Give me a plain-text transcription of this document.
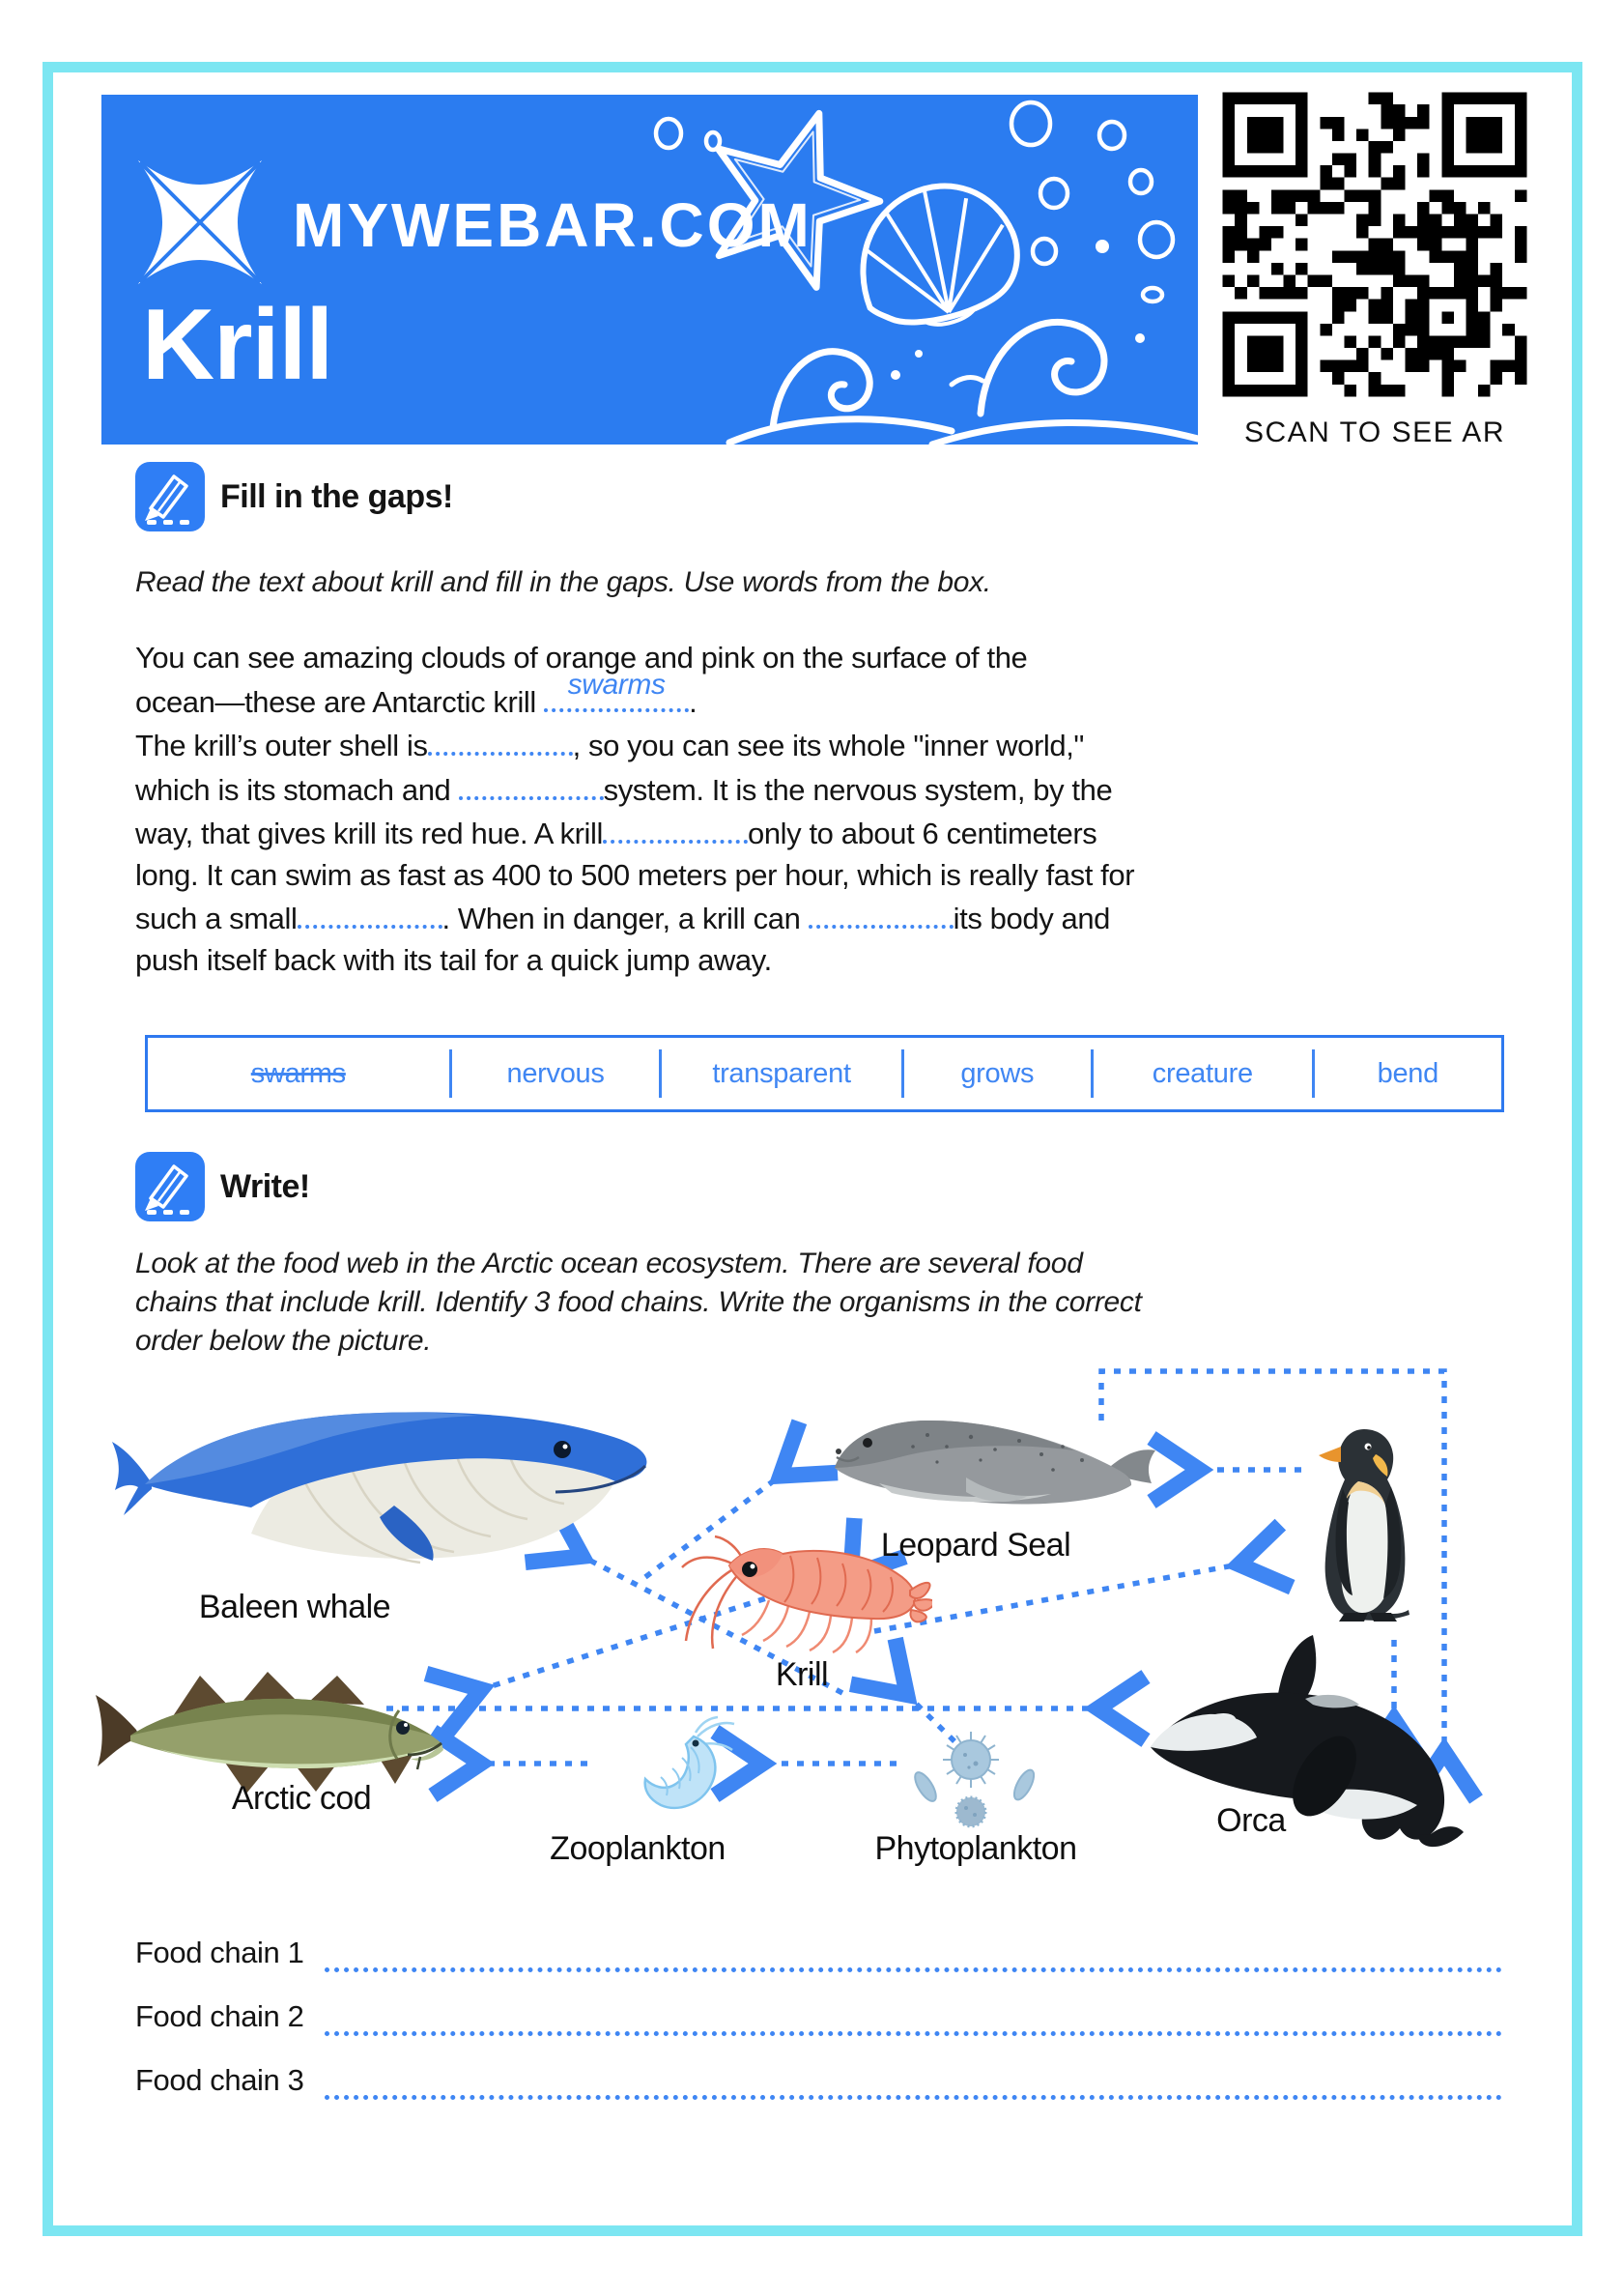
MYWEBAR.COM
Krill
SCAN TO SEE AR
Fill in the gaps!

Read the text about krill and fill in the gaps. Use words from the box.

You can see amazing clouds of orange and pink on the surface of the
ocean—these are Antarctic krill swarms .
The krill’s outer shell is	, so you can see its whole "inner world,"
which is its stomach and	system. It is the nervous system, by the
way, that gives krill its red hue. A krill	only to about 6 centimeters
long. It can swim as fast as 400 to 500 meters per hour, which is really fast for
such a small	. When in danger, a krill can	its body and
push itself back with its tail for a quick jump away.
swarms	nervous	transparent	grows	creature	bend
Write!

Look at the food web in the Arctic ocean ecosystem. There are several food
chains that include krill. Identify 3 food chains. Write the organisms in the correct
order below the picture.

Baleen whale
Leopard Seal
Krill
Arctic cod
Zooplankton	Phytoplankton
Orca
Food chain 1
Food chain 2
Food chain 3
